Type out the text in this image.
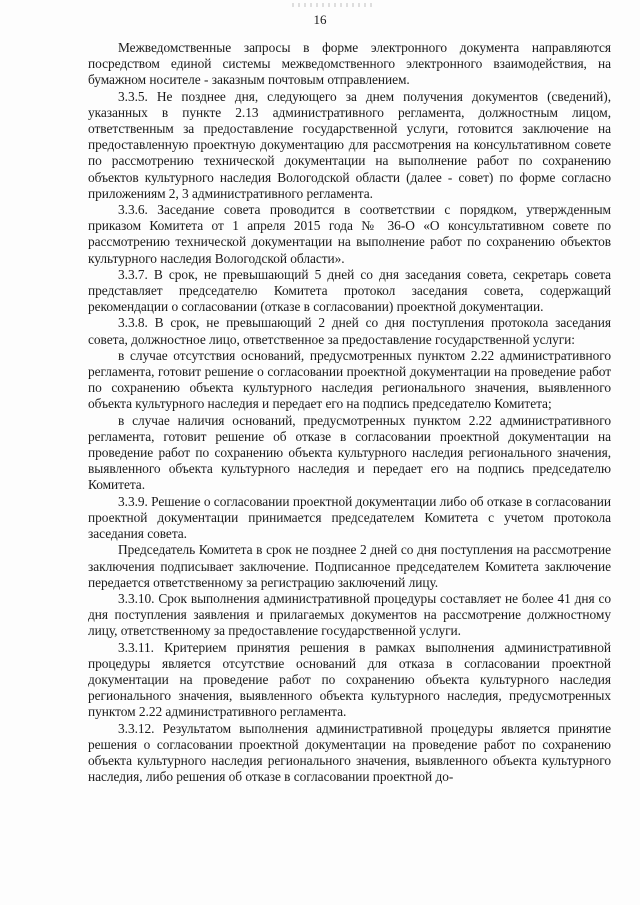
16

Межведомственные запросы в форме электронного документа направляются посредством единой системы межведомственного электронного взаимодействия, на бумажном носителе - заказным почтовым отправлением.

3.3.5. Не позднее дня, следующего за днем получения документов (сведений), указанных в пункте 2.13 административного регламента, должностным лицом, ответственным за предоставление государственной услуги, готовится заключение на предоставленную проектную документацию для рассмотрения на консультативном совете по рассмотрению технической документации на выполнение работ по сохранению объектов культурного наследия Вологодской области (далее - совет) по форме согласно приложениям 2, 3 административного регламента.

3.3.6. Заседание совета проводится в соответствии с порядком, утвержденным приказом Комитета от 1 апреля 2015 года № 36-О «О консультативном совете по рассмотрению технической документации на выполнение работ по сохранению объектов культурного наследия Вологодской области».

3.3.7. В срок, не превышающий 5 дней со дня заседания совета, секретарь совета представляет председателю Комитета протокол заседания совета, содержащий рекомендации о согласовании (отказе в согласовании) проектной документации.

3.3.8. В срок, не превышающий 2 дней со дня поступления протокола заседания совета, должностное лицо, ответственное за предоставление государственной услуги:

в случае отсутствия оснований, предусмотренных пунктом 2.22 административного регламента, готовит решение о согласовании проектной документации на проведение работ по сохранению объекта культурного наследия регионального значения, выявленного объекта культурного наследия и передает его на подпись председателю Комитета;

в случае наличия оснований, предусмотренных пунктом 2.22 административного регламента, готовит решение об отказе в согласовании проектной документации на проведение работ по сохранению объекта культурного наследия регионального значения, выявленного объекта культурного наследия и передает его на подпись председателю Комитета.

3.3.9. Решение о согласовании проектной документации либо об отказе в согласовании проектной документации принимается председателем Комитета с учетом протокола заседания совета.

Председатель Комитета в срок не позднее 2 дней со дня поступления на рассмотрение заключения подписывает заключение. Подписанное председателем Комитета заключение передается ответственному за регистрацию заключений лицу.

3.3.10. Срок выполнения административной процедуры составляет не более 41 дня со дня поступления заявления и прилагаемых документов на рассмотрение должностному лицу, ответственному за предоставление государственной услуги.

3.3.11. Критерием принятия решения в рамках выполнения административной процедуры является отсутствие оснований для отказа в согласовании проектной документации на проведение работ по сохранению объекта культурного наследия регионального значения, выявленного объекта культурного наследия, предусмотренных пунктом 2.22 административного регламента.

3.3.12. Результатом выполнения административной процедуры является принятие решения о согласовании проектной документации на проведение работ по сохранению объекта культурного наследия регионального значения, выявленного объекта культурного наследия, либо решения об отказе в согласовании проектной до-
